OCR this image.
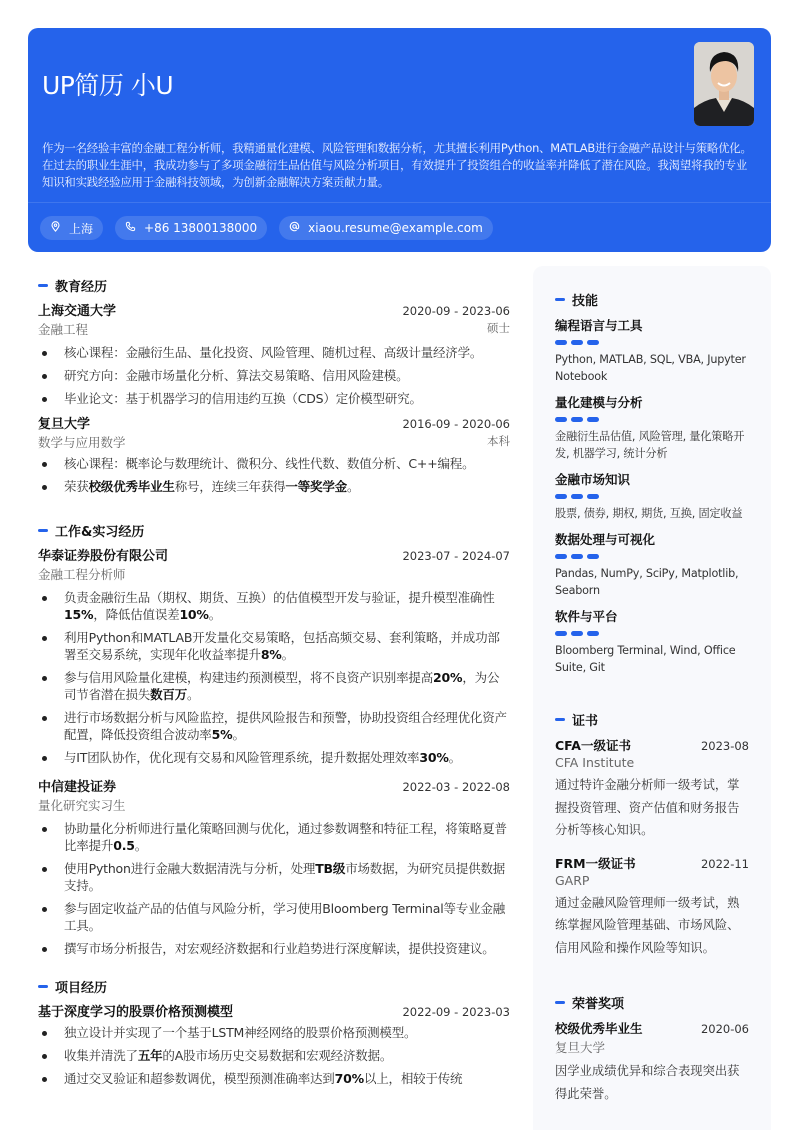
UP简历 小U
作为一名经验丰富的金融工程分析师，我精通量化建模、风险管理和数据分析，尤其擅长利用Python、MATLAB进行金融产品设计与策略优化。在过去的职业生涯中，我成功参与了多项金融衍生品估值与风险分析项目，有效提升了投资组合的收益率并降低了潜在风险。我渴望将我的专业知识和实践经验应用于金融科技领域，为创新金融解决方案贡献力量。
上海	+86 13800138000	xiaou.resume@example.com
教育经历
上海交通大学	2020-09 - 2023-06
金融工程	硕士
核心课程：金融衍生品、量化投资、风险管理、随机过程、高级计量经济学。
研究方向：金融市场量化分析、算法交易策略、信用风险建模。
毕业论文：基于机器学习的信用违约互换（CDS）定价模型研究。
复旦大学	2016-09 - 2020-06
数学与应用数学	本科
核心课程：概率论与数理统计、微积分、线性代数、数值分析、C++编程。
荣获校级优秀毕业生称号，连续三年获得一等奖学金。
工作&实习经历
华泰证券股份有限公司	2023-07 - 2024-07
金融工程分析师
负责金融衍生品（期权、期货、互换）的估值模型开发与验证，提升模型准确性15%，降低估值误差10%。
利用Python和MATLAB开发量化交易策略，包括高频交易、套利策略，并成功部署至交易系统，实现年化收益率提升8%。
参与信用风险量化建模，构建违约预测模型，将不良资产识别率提高20%，为公司节省潜在损失数百万。
进行市场数据分析与风险监控，提供风险报告和预警，协助投资组合经理优化资产配置，降低投资组合波动率5%。
与IT团队协作，优化现有交易和风险管理系统，提升数据处理效率30%。
中信建投证券	2022-03 - 2022-08
量化研究实习生
协助量化分析师进行量化策略回测与优化，通过参数调整和特征工程，将策略夏普比率提升0.5。
使用Python进行金融大数据清洗与分析，处理TB级市场数据，为研究员提供数据支持。
参与固定收益产品的估值与风险分析，学习使用Bloomberg Terminal等专业金融工具。
撰写市场分析报告，对宏观经济数据和行业趋势进行深度解读，提供投资建议。
项目经历
基于深度学习的股票价格预测模型	2022-09 - 2023-03
独立设计并实现了一个基于LSTM神经网络的股票价格预测模型。
收集并清洗了五年的A股市场历史交易数据和宏观经济数据。
通过交叉验证和超参数调优，模型预测准确率达到70%以上，相较于传统
技能
编程语言与工具
Python, MATLAB, SQL, VBA, Jupyter Notebook
量化建模与分析
金融衍生品估值, 风险管理, 量化策略开发, 机器学习, 统计分析
金融市场知识
股票, 债券, 期权, 期货, 互换, 固定收益
数据处理与可视化
Pandas, NumPy, SciPy, Matplotlib, Seaborn
软件与平台
Bloomberg Terminal, Wind, Office Suite, Git
证书
CFA一级证书	2023-08
CFA Institute
通过特许金融分析师一级考试，掌握投资管理、资产估值和财务报告分析等核心知识。
FRM一级证书	2022-11
GARP
通过金融风险管理师一级考试，熟练掌握风险管理基础、市场风险、信用风险和操作风险等知识。
荣誉奖项
校级优秀毕业生	2020-06
复旦大学
因学业成绩优异和综合表现突出获得此荣誉。
